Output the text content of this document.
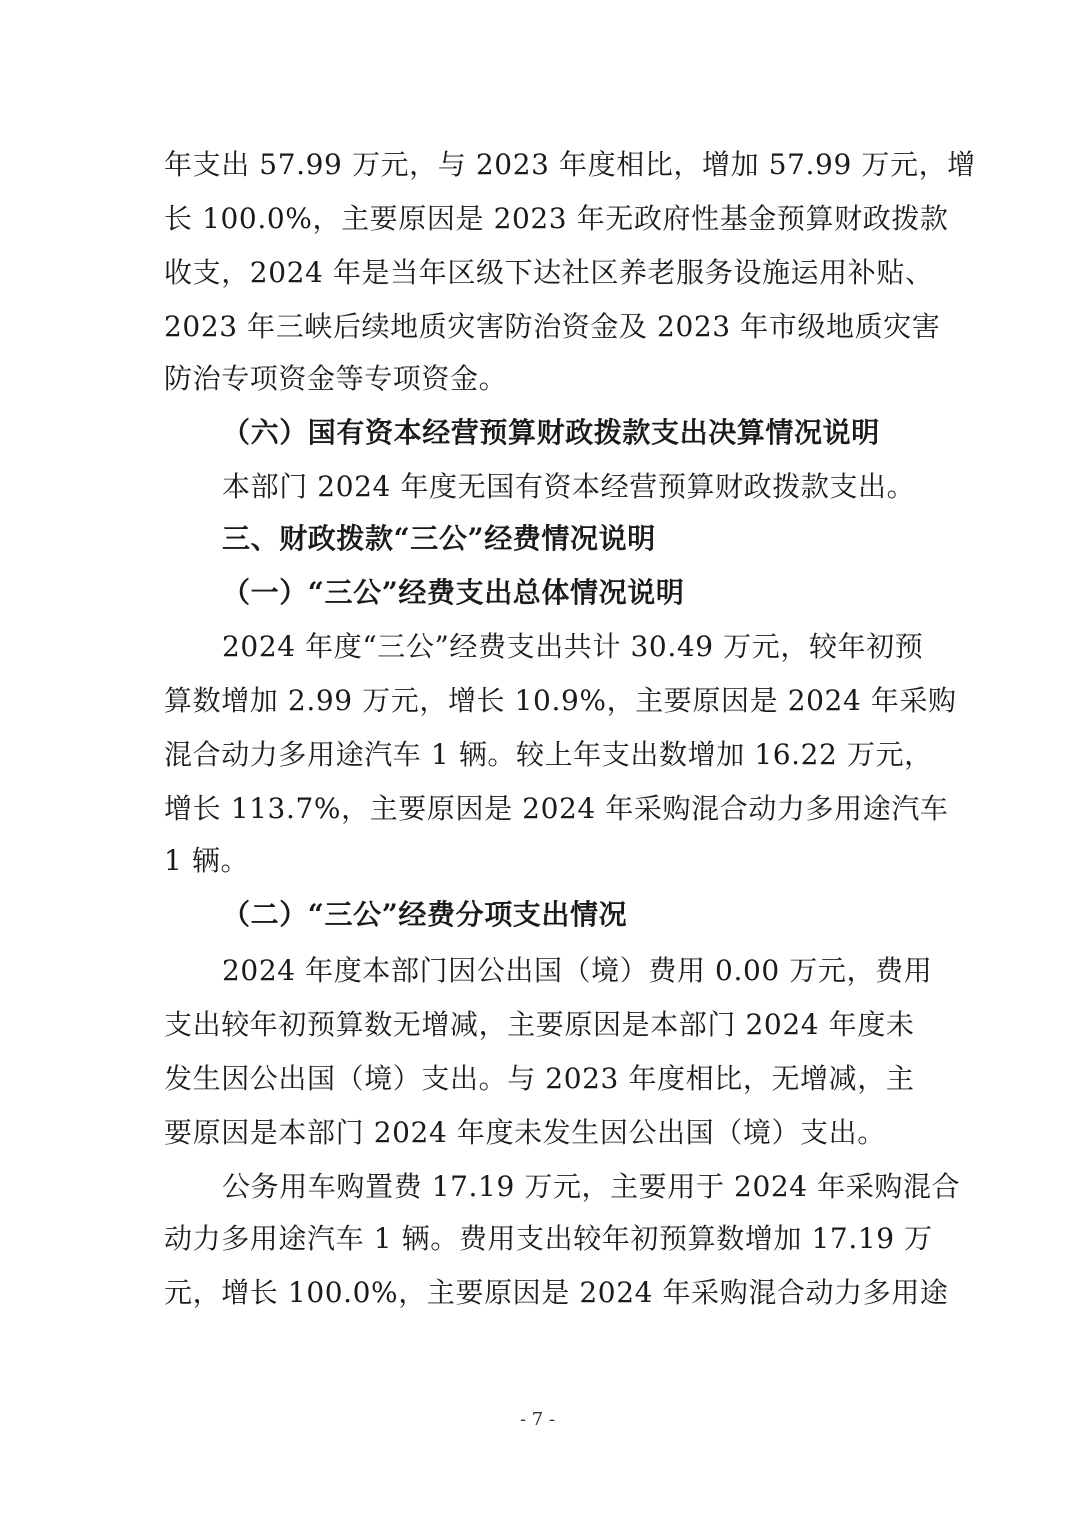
年支出 57.99 万元，与 2023 年度相比，增加 57.99 万元，增
长 100.0%，主要原因是 2023 年无政府性基金预算财政拨款
收支，2024 年是当年区级下达社区养老服务设施运用补贴、
2023 年三峡后续地质灾害防治资金及 2023 年市级地质灾害
防治专项资金等专项资金。
（六）国有资本经营预算财政拨款支出决算情况说明
本部门 2024 年度无国有资本经营预算财政拨款支出。
三、财政拨款“三公”经费情况说明
（一）“三公”经费支出总体情况说明
2024 年度“三公”经费支出共计 30.49 万元，较年初预
算数增加 2.99 万元，增长 10.9%，主要原因是 2024 年采购
混合动力多用途汽车 1 辆。较上年支出数增加 16.22 万元，
增长 113.7%，主要原因是 2024 年采购混合动力多用途汽车
1 辆。
（二）“三公”经费分项支出情况
2024 年度本部门因公出国（境）费用 0.00 万元，费用
支出较年初预算数无增减，主要原因是本部门 2024 年度未
发生因公出国（境）支出。与 2023 年度相比，无增减，主
要原因是本部门 2024 年度未发生因公出国（境）支出。
公务用车购置费 17.19 万元，主要用于 2024 年采购混合
动力多用途汽车 1 辆。费用支出较年初预算数增加 17.19 万
元，增长 100.0%，主要原因是 2024 年采购混合动力多用途
- 7 -
